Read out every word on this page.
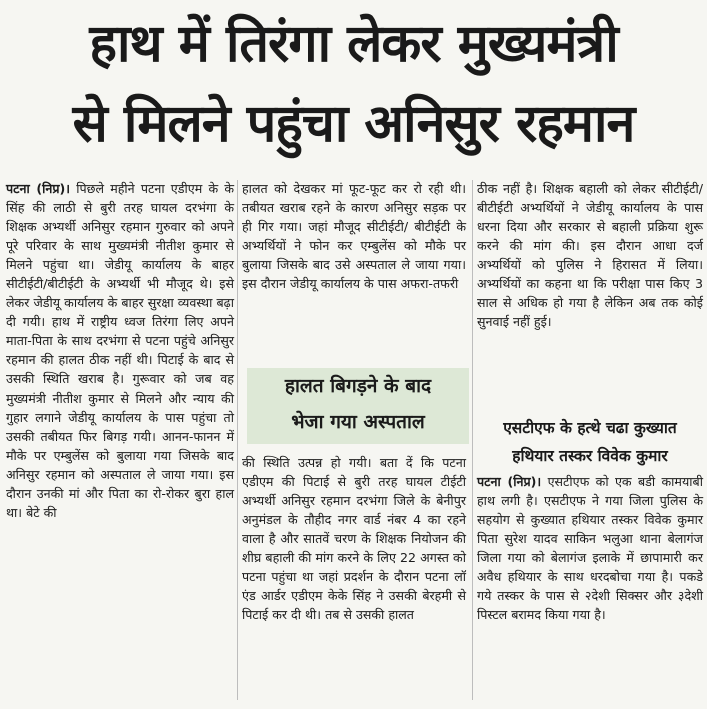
हाथ में तिरंगा लेकर मुख्यमंत्री
से मिलने पहुंचा अनिसुर रहमान

पटना (निप्र)। पिछले महीने पटना एडीएम के के सिंह की लाठी से बुरी तरह घायल दरभंगा के शिक्षक अभ्यर्थी अनिसुर रहमान गुरुवार को अपने पूरे परिवार के साथ मुख्यमंत्री नीतीश कुमार से मिलने पहुंचा था। जेडीयू कार्यालय के बाहर सीटीईटी/बीटीईटी के अभ्यर्थी भी मौजूद थे। इसे लेकर जेडीयू कार्यालय के बाहर सुरक्षा व्यवस्था बढ़ा दी गयी। हाथ में राष्ट्रीय ध्वज तिरंगा लिए अपने माता-पिता के साथ दरभंगा से पटना पहुंचे अनिसुर रहमान की हालत ठीक नहीं थी। पिटाई के बाद से उसकी स्थिति खराब है। गुरूवार को जब वह मुख्यमंत्री नीतीश कुमार से मिलने और न्याय की गुहार लगाने जेडीयू कार्यालय के पास पहुंचा तो उसकी तबीयत फिर बिगड़ गयी। आनन-फानन में मौके पर एम्बुलेंस को बुलाया गया जिसके बाद अनिसुर रहमान को अस्पताल ले जाया गया। इस दौरान उनकी मां और पिता का रो-रोकर बुरा हाल था। बेटे की

हालत को देखकर मां फूट-फूट कर रो रही थी। तबीयत खराब रहने के कारण अनिसुर सड़क पर ही गिर गया। जहां मौजूद सीटीईटी/ बीटीईटी के अभ्यर्थियों ने फोन कर एम्बुलेंस को मौके पर बुलाया जिसके बाद उसे अस्पताल ले जाया गया। इस दौरान जेडीयू कार्यालय के पास अफरा-तफरी

हालत बिगड़ने के बाद
भेजा गया अस्पताल

की स्थिति उत्पन्न हो गयी। बता दें कि पटना एडीएम की पिटाई से बुरी तरह घायल टीईटी अभ्यर्थी अनिसुर रहमान दरभंगा जिले के बेनीपुर अनुमंडल के तौहीद नगर वार्ड नंबर 4 का रहने वाला है और सातवें चरण के शिक्षक नियोजन की शीघ्र बहाली की मांग करने के लिए 22 अगस्त को पटना पहुंचा था जहां प्रदर्शन के दौरान पटना लॉ एंड आर्डर एडीएम केके सिंह ने उसकी बेरहमी से पिटाई कर दी थी। तब से उसकी हालत

ठीक नहीं है। शिक्षक बहाली को लेकर सीटीईटी/ बीटीईटी अभ्यर्थियों ने जेडीयू कार्यालय के पास धरना दिया और सरकार से बहाली प्रक्रिया शुरू करने की मांग की। इस दौरान आधा दर्ज अभ्यर्थियों को पुलिस ने हिरासत में लिया। अभ्यर्थियों का कहना था कि परीक्षा पास किए 3 साल से अधिक हो गया है लेकिन अब तक कोई सुनवाई नहीं हुई।

एसटीएफ के हत्थे चढा कुख्यात
हथियार तस्कर विवेक कुमार

पटना (निप्र)। एसटीएफ को एक बडी कामयाबी हाथ लगी है। एसटीएफ ने गया जिला पुलिस के सहयोग से कुख्यात हथियार तस्कर विवेक कुमार पिता सुरेश यादव साकिन भलुआ थाना बेलागंज जिला गया को बेलागंज इलाके में छापामारी कर अवैध हथियार के साथ धरदबोचा गया है। पकडे गये तस्कर के पास से २देशी सिक्सर और ३देशी पिस्टल बरामद किया गया है।
